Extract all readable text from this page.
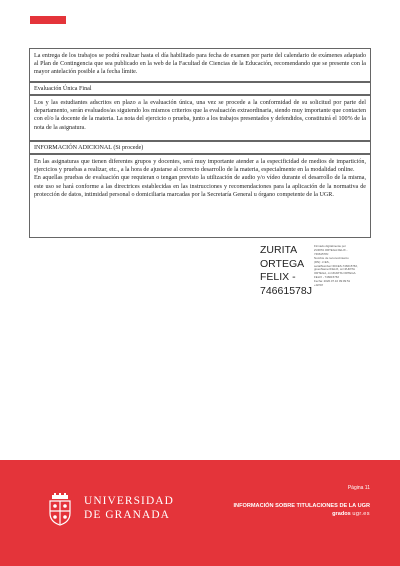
La entrega de los trabajos se podrá realizar hasta el día habilitado para fecha de examen por parte del calendario de exámenes adaptado al Plan de Contingencia que sea publicado en la web de la Facultad de Ciencias de la Educación, recomendando que se presente con la mayor antelación posible a la fecha límite.
Evaluación Única Final
Los y las estudiantes adscritos en plazo a la evaluación única, una vez se procede a la conformidad de su solicitud por parte del departamento, serán evaluados/as siguiendo los mismos criterios que la evaluación extraordinaria, siendo muy importante que contacten con el/o la docente de la materia. La nota del ejercicio o prueba, junto a los trabajos presentados y defendidos, constituirá el 100% de la nota de la asignatura.
INFORMACIÓN ADICIONAL (Si procede)

En las asignaturas que tienen diferentes grupos y docentes, será muy importante atender a la especificidad de medios de impartición, ejercicios y pruebas a realizar, etc., a la hora de ajustarse al correcto desarrollo de la materia, especialmente en la modalidad online.

En aquellas pruebas de evaluación que requieran o tengan previsto la utilización de audio y/o vídeo durante el desarrollo de la misma, este uso se hará conforme a las directrices establecidas en las instrucciones y recomendaciones para la aplicación de la normativa de protección de datos, intimidad personal o domiciliaria marcadas por la Secretaría General u órgano competente de la UGR.

ZURITA
ORTEGA
FELIX -
74661578J
Firmado digitalmente por
ZURITA ORTEGA FELIX -
74661578J
Nombre de reconocimiento
(DN): c=ES,
serialNumber=IDCES-74661578J,
givenName=FELIX, sn=ZURITA
ORTEGA, cn=ZURITA ORTEGA
FELIX - 74661578J
Fecha: 2020.07.10 09:09:51
+02'00'
UNIVERSIDAD
DE GRANADA
Página 11
INFORMACIÓN SOBRE TITULACIONES DE LA UGR
grados ugr.es
